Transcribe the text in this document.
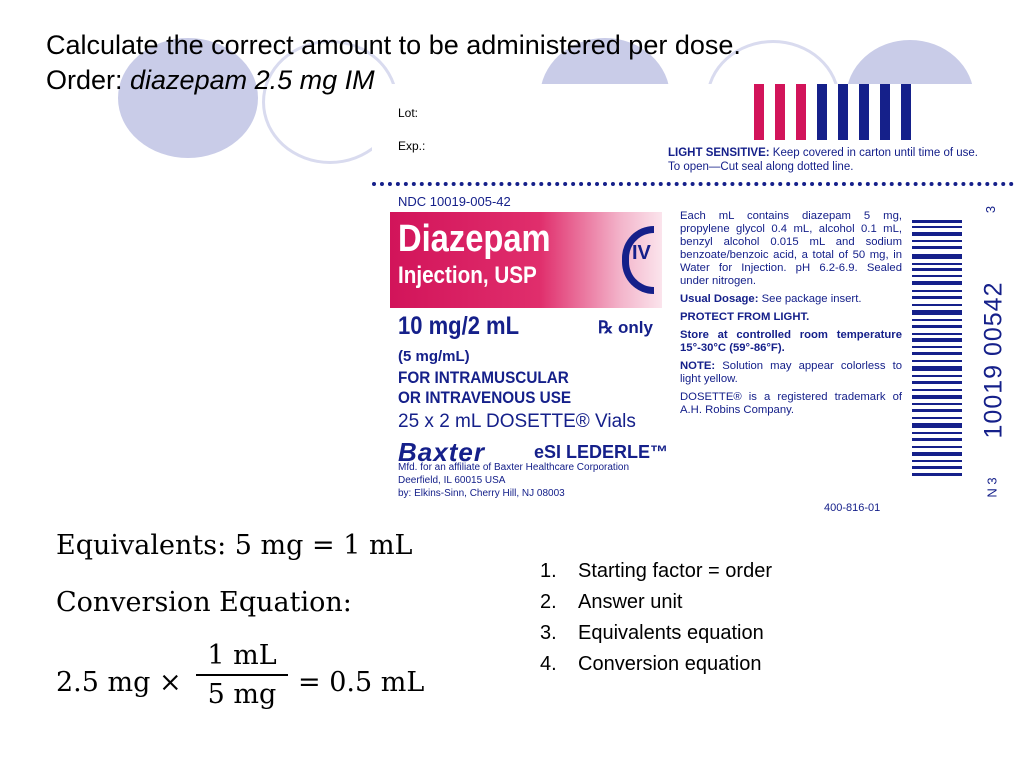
Calculate the correct amount to be administered per dose.
Order: diazepam 2.5 mg IM
Lot:
Exp.:	LIGHT SENSITIVE: Keep covered in carton until time of use.
To open—Cut seal along dotted line.
NDC 10019-005-42
Diazepam
Injection, USP
IV
10 mg/2 mL	℞ only
(5 mg/mL)
FOR INTRAMUSCULAR
OR INTRAVENOUS USE
25 x 2 mL DOSETTE® Vials
Baxter	еSI LEDERLE™
Mfd. for an affiliate of Baxter Healthcare Corporation
Deerfield, IL 60015 USA
by: Elkins-Sinn, Cherry Hill, NJ 08003

Each mL contains diazepam 5 mg, propylene glycol 0.4 mL, alcohol 0.1 mL, benzyl alcohol 0.015 mL and sodium benzoate/benzoic acid, a total of 50 mg, in Water for Injection. pH 6.2-6.9. Sealed under nitrogen.

Usual Dosage: See package insert.

PROTECT FROM LIGHT.

Store at controlled room temperature 15°-30°C (59°-86°F).

NOTE: Solution may appear colorless to light yellow.

DOSETTE® is a registered trademark of A.H. Robins Company.

400-816-01
3
10019 00542
N 3
Equivalents: 5 mg = 1 mL
Conversion Equation:
2.5 mg ×
1 mL
5 mg = 0.5 mL
1. Starting factor = order
2. Answer unit
3. Equivalents equation
4. Conversion equation
